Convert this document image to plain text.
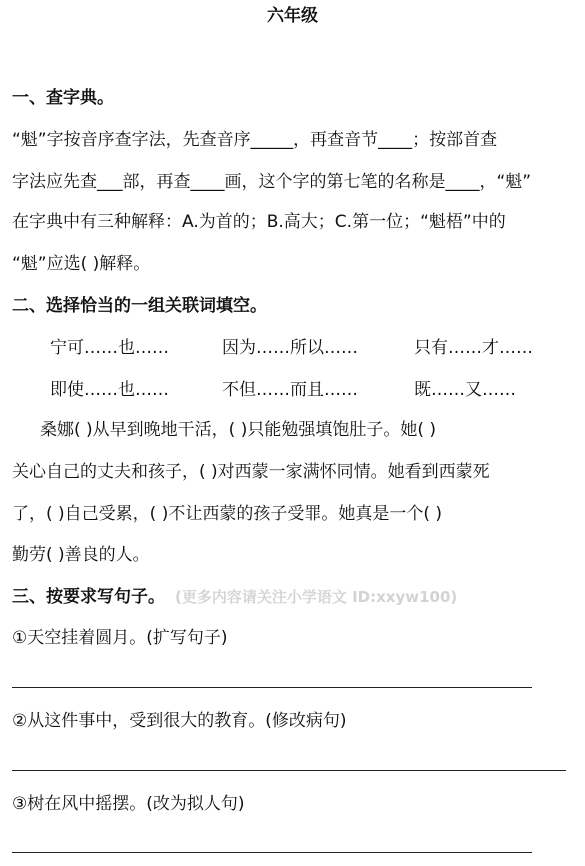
六年级
一、查字典。
“魁”字按音序查字法，先查音序_____，再查音节____；按部首查
字法应先查___部，再查____画，这个字的第七笔的名称是____，“魁”
在字典中有三种解释：A.为首的；B.高大；C.第一位；“魁梧”中的
“魁”应选( )解释。
二、选择恰当的一组关联词填空。
宁可……也……	因为……所以……	只有……才……
即使……也……	不但……而且……	既……又……
桑娜( )从早到晚地干活，( )只能勉强填饱肚子。她( )
关心自己的丈夫和孩子，( )对西蒙一家满怀同情。她看到西蒙死
了，( )自己受累，( )不让西蒙的孩子受罪。她真是一个( )
勤劳( )善良的人。
三、按要求写句子。 (更多内容请关注小学语文 ID:xxyw100)
①天空挂着圆月。(扩写句子)
②从这件事中，受到很大的教育。(修改病句)
③树在风中摇摆。(改为拟人句)
